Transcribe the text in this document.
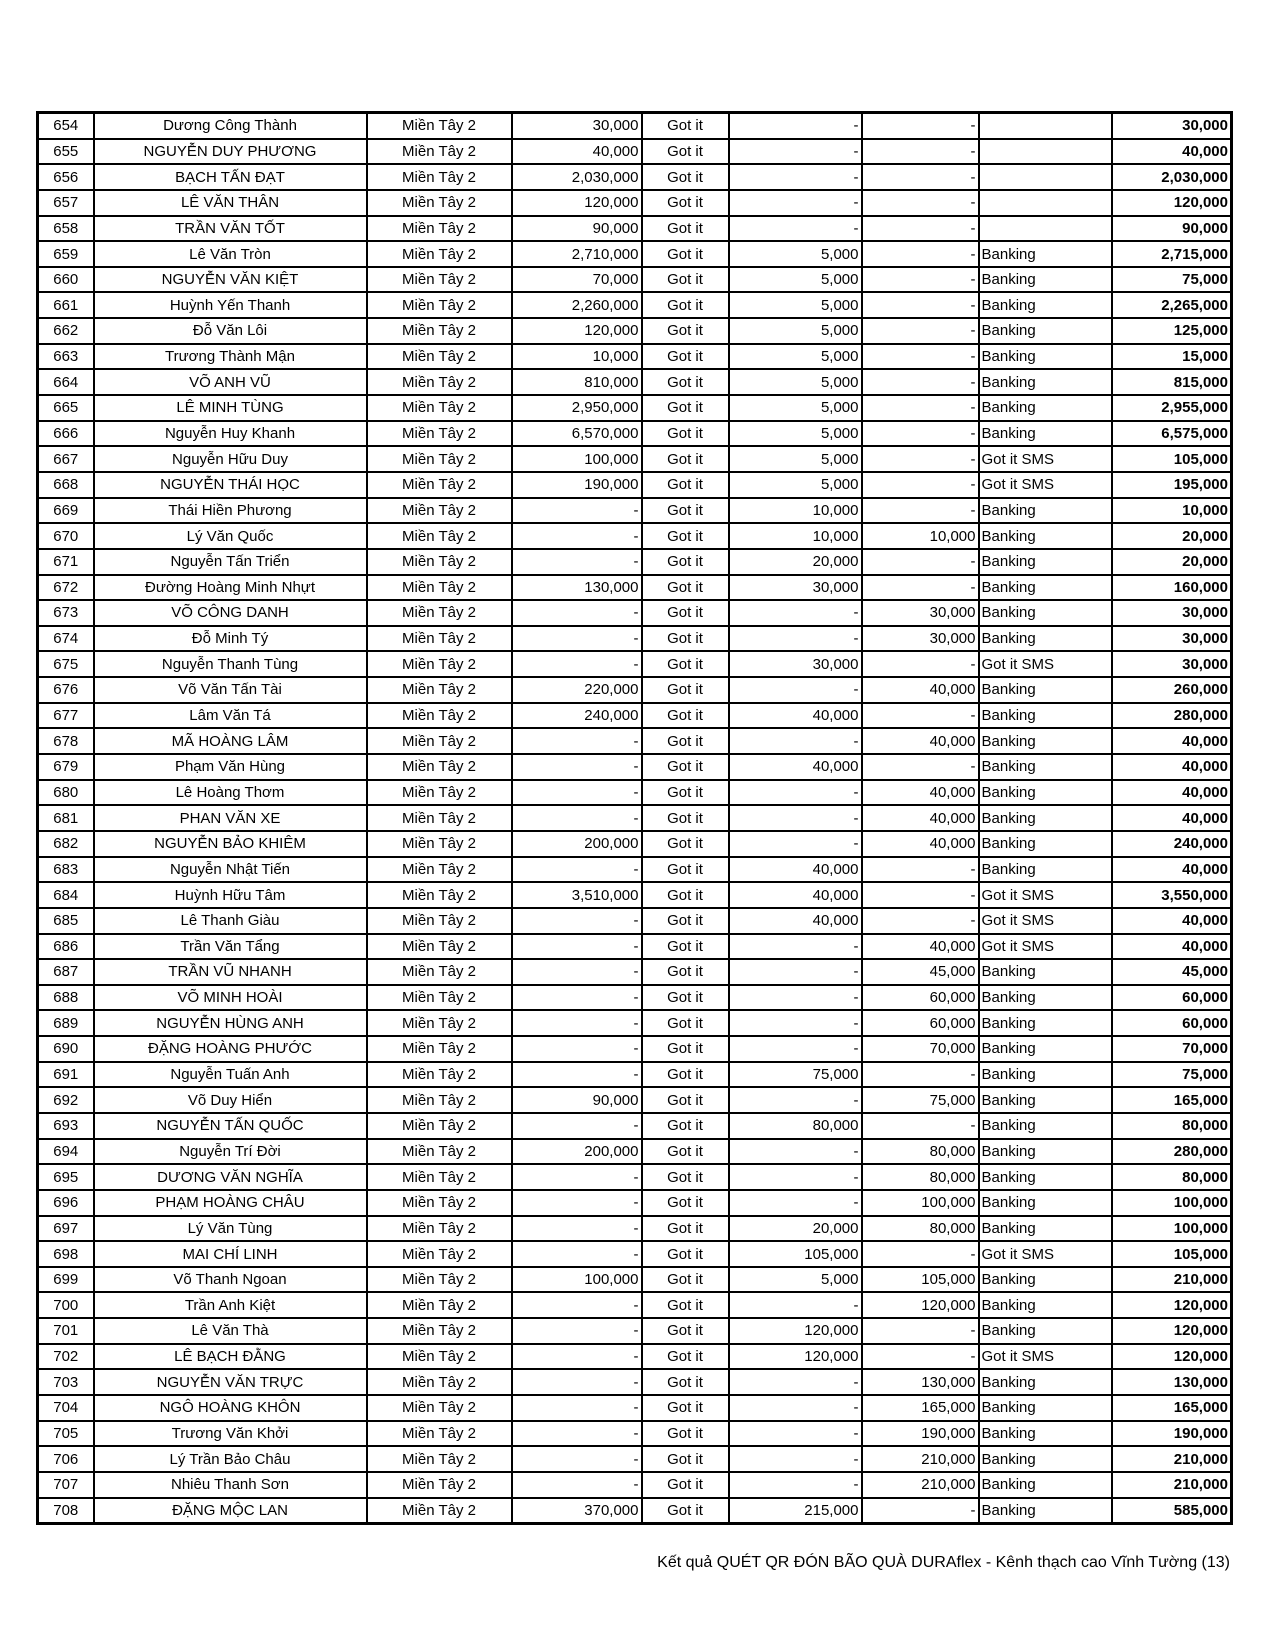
654	Dương Công Thành	Miền Tây 2	30,000	Got it	-	-		30,000
655	NGUYỄN DUY PHƯƠNG	Miền Tây 2	40,000	Got it	-	-		40,000
656	BẠCH TẤN ĐẠT	Miền Tây 2	2,030,000	Got it	-	-		2,030,000
657	LÊ VĂN THÂN	Miền Tây 2	120,000	Got it	-	-		120,000
658	TRẦN VĂN TỐT	Miền Tây 2	90,000	Got it	-	-		90,000
659	Lê Văn Tròn	Miền Tây 2	2,710,000	Got it	5,000	-	Banking	2,715,000
660	NGUYỄN VĂN KIỆT	Miền Tây 2	70,000	Got it	5,000	-	Banking	75,000
661	Huỳnh Yến Thanh	Miền Tây 2	2,260,000	Got it	5,000	-	Banking	2,265,000
662	Đỗ Văn Lôi	Miền Tây 2	120,000	Got it	5,000	-	Banking	125,000
663	Trương Thành Mận	Miền Tây 2	10,000	Got it	5,000	-	Banking	15,000
664	VÕ ANH VŨ	Miền Tây 2	810,000	Got it	5,000	-	Banking	815,000
665	LÊ MINH TÙNG	Miền Tây 2	2,950,000	Got it	5,000	-	Banking	2,955,000
666	Nguyễn Huy Khanh	Miền Tây 2	6,570,000	Got it	5,000	-	Banking	6,575,000
667	Nguyễn Hữu Duy	Miền Tây 2	100,000	Got it	5,000	-	Got it SMS	105,000
668	NGUYỄN THÁI HỌC	Miền Tây 2	190,000	Got it	5,000	-	Got it SMS	195,000
669	Thái Hiền Phương	Miền Tây 2	-	Got it	10,000	-	Banking	10,000
670	Lý Văn Quốc	Miền Tây 2	-	Got it	10,000	10,000	Banking	20,000
671	Nguyễn Tấn Triển	Miền Tây 2	-	Got it	20,000	-	Banking	20,000
672	Đường Hoàng Minh Nhựt	Miền Tây 2	130,000	Got it	30,000	-	Banking	160,000
673	VÕ CÔNG DANH	Miền Tây 2	-	Got it	-	30,000	Banking	30,000
674	Đỗ Minh Tý	Miền Tây 2	-	Got it	-	30,000	Banking	30,000
675	Nguyễn Thanh Tùng	Miền Tây 2	-	Got it	30,000	-	Got it SMS	30,000
676	Võ Văn Tấn Tài	Miền Tây 2	220,000	Got it	-	40,000	Banking	260,000
677	Lâm Văn Tá	Miền Tây 2	240,000	Got it	40,000	-	Banking	280,000
678	MÃ HOÀNG LÂM	Miền Tây 2	-	Got it	-	40,000	Banking	40,000
679	Phạm Văn Hùng	Miền Tây 2	-	Got it	40,000	-	Banking	40,000
680	Lê Hoàng Thơm	Miền Tây 2	-	Got it	-	40,000	Banking	40,000
681	PHAN VĂN XE	Miền Tây 2	-	Got it	-	40,000	Banking	40,000
682	NGUYỄN BẢO KHIÊM	Miền Tây 2	200,000	Got it	-	40,000	Banking	240,000
683	Nguyễn Nhật Tiến	Miền Tây 2	-	Got it	40,000	-	Banking	40,000
684	Huỳnh Hữu Tâm	Miền Tây 2	3,510,000	Got it	40,000	-	Got it SMS	3,550,000
685	Lê Thanh Giàu	Miền Tây 2	-	Got it	40,000	-	Got it SMS	40,000
686	Trần Văn Tẩng	Miền Tây 2	-	Got it	-	40,000	Got it SMS	40,000
687	TRẦN VŨ NHANH	Miền Tây 2	-	Got it	-	45,000	Banking	45,000
688	VÕ MINH HOÀI	Miền Tây 2	-	Got it	-	60,000	Banking	60,000
689	NGUYỄN HÙNG ANH	Miền Tây 2	-	Got it	-	60,000	Banking	60,000
690	ĐẶNG HOÀNG PHƯỚC	Miền Tây 2	-	Got it	-	70,000	Banking	70,000
691	Nguyễn Tuấn Anh	Miền Tây 2	-	Got it	75,000	-	Banking	75,000
692	Võ Duy Hiển	Miền Tây 2	90,000	Got it	-	75,000	Banking	165,000
693	NGUYỄN TẤN QUỐC	Miền Tây 2	-	Got it	80,000	-	Banking	80,000
694	Nguyễn Trí Đời	Miền Tây 2	200,000	Got it	-	80,000	Banking	280,000
695	DƯƠNG VĂN NGHĨA	Miền Tây 2	-	Got it	-	80,000	Banking	80,000
696	PHẠM HOÀNG CHÂU	Miền Tây 2	-	Got it	-	100,000	Banking	100,000
697	Lý Văn Tùng	Miền Tây 2	-	Got it	20,000	80,000	Banking	100,000
698	MAI CHÍ LINH	Miền Tây 2	-	Got it	105,000	-	Got it SMS	105,000
699	Võ Thanh Ngoan	Miền Tây 2	100,000	Got it	5,000	105,000	Banking	210,000
700	Trần Anh Kiệt	Miền Tây 2	-	Got it	-	120,000	Banking	120,000
701	Lê Văn Thà	Miền Tây 2	-	Got it	120,000	-	Banking	120,000
702	LÊ BẠCH ĐẰNG	Miền Tây 2	-	Got it	120,000	-	Got it SMS	120,000
703	NGUYỄN VĂN TRỰC	Miền Tây 2	-	Got it	-	130,000	Banking	130,000
704	NGÔ HOÀNG KHÔN	Miền Tây 2	-	Got it	-	165,000	Banking	165,000
705	Trương Văn Khởi	Miền Tây 2	-	Got it	-	190,000	Banking	190,000
706	Lý Trần Bảo Châu	Miền Tây 2	-	Got it	-	210,000	Banking	210,000
707	Nhiêu Thanh Sơn	Miền Tây 2	-	Got it	-	210,000	Banking	210,000
708	ĐẶNG MỘC LAN	Miền Tây 2	370,000	Got it	215,000	-	Banking	585,000
Kết quả QUÉT QR ĐÓN BÃO QUÀ DURAflex - Kênh thạch cao Vĩnh Tường (13)
